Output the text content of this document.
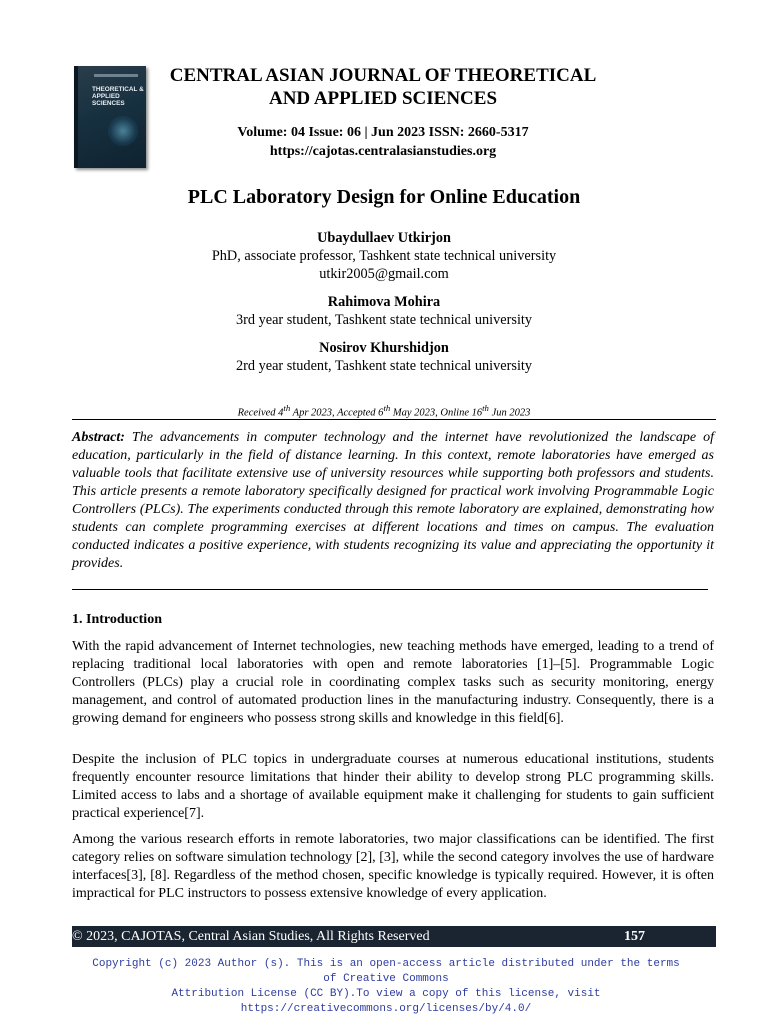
THEORETICAL & APPLIED SCIENCES
CENTRAL ASIAN JOURNAL OF THEORETICAL
AND APPLIED SCIENCES
Volume: 04 Issue: 06 | Jun 2023 ISSN: 2660-5317
https://cajotas.centralasianstudies.org
PLC Laboratory Design for Online Education
Ubaydullaev Utkirjon
PhD, associate professor, Tashkent state technical university
utkir2005@gmail.com
Rahimova Mohira
3rd year student, Tashkent state technical university
Nosirov Khurshidjon
2rd year student, Tashkent state technical university
Received 4th Apr 2023, Accepted 6th May 2023, Online 16th Jun 2023
Abstract: The advancements in computer technology and the internet have revolutionized the landscape of education, particularly in the field of distance learning. In this context, remote laboratories have emerged as valuable tools that facilitate extensive use of university resources while supporting both professors and students. This article presents a remote laboratory specifically designed for practical work involving Programmable Logic Controllers (PLCs). The experiments conducted through this remote laboratory are explained, demonstrating how students can complete programming exercises at different locations and times on campus. The evaluation conducted indicates a positive experience, with students recognizing its value and appreciating the opportunity it provides.
1. Introduction
With the rapid advancement of Internet technologies, new teaching methods have emerged, leading to a trend of replacing traditional local laboratories with open and remote laboratories [1]–[5]. Programmable Logic Controllers (PLCs) play a crucial role in coordinating complex tasks such as security monitoring, energy management, and control of automated production lines in the manufacturing industry. Consequently, there is a growing demand for engineers who possess strong skills and knowledge in this field[6].
Despite the inclusion of PLC topics in undergraduate courses at numerous educational institutions, students frequently encounter resource limitations that hinder their ability to develop strong PLC programming skills. Limited access to labs and a shortage of available equipment make it challenging for students to gain sufficient practical experience[7].
Among the various research efforts in remote laboratories, two major classifications can be identified. The first category relies on software simulation technology [2], [3], while the second category involves the use of hardware interfaces[3], [8]. Regardless of the method chosen, specific knowledge is typically required. However, it is often impractical for PLC instructors to possess extensive knowledge of every application.
© 2023, CAJOTAS, Central Asian Studies, All Rights Reserved	157
Copyright (c) 2023 Author (s). This is an open-access article distributed under the terms of Creative Commons
Attribution License (CC BY).To view a copy of this license, visit https://creativecommons.org/licenses/by/4.0/
